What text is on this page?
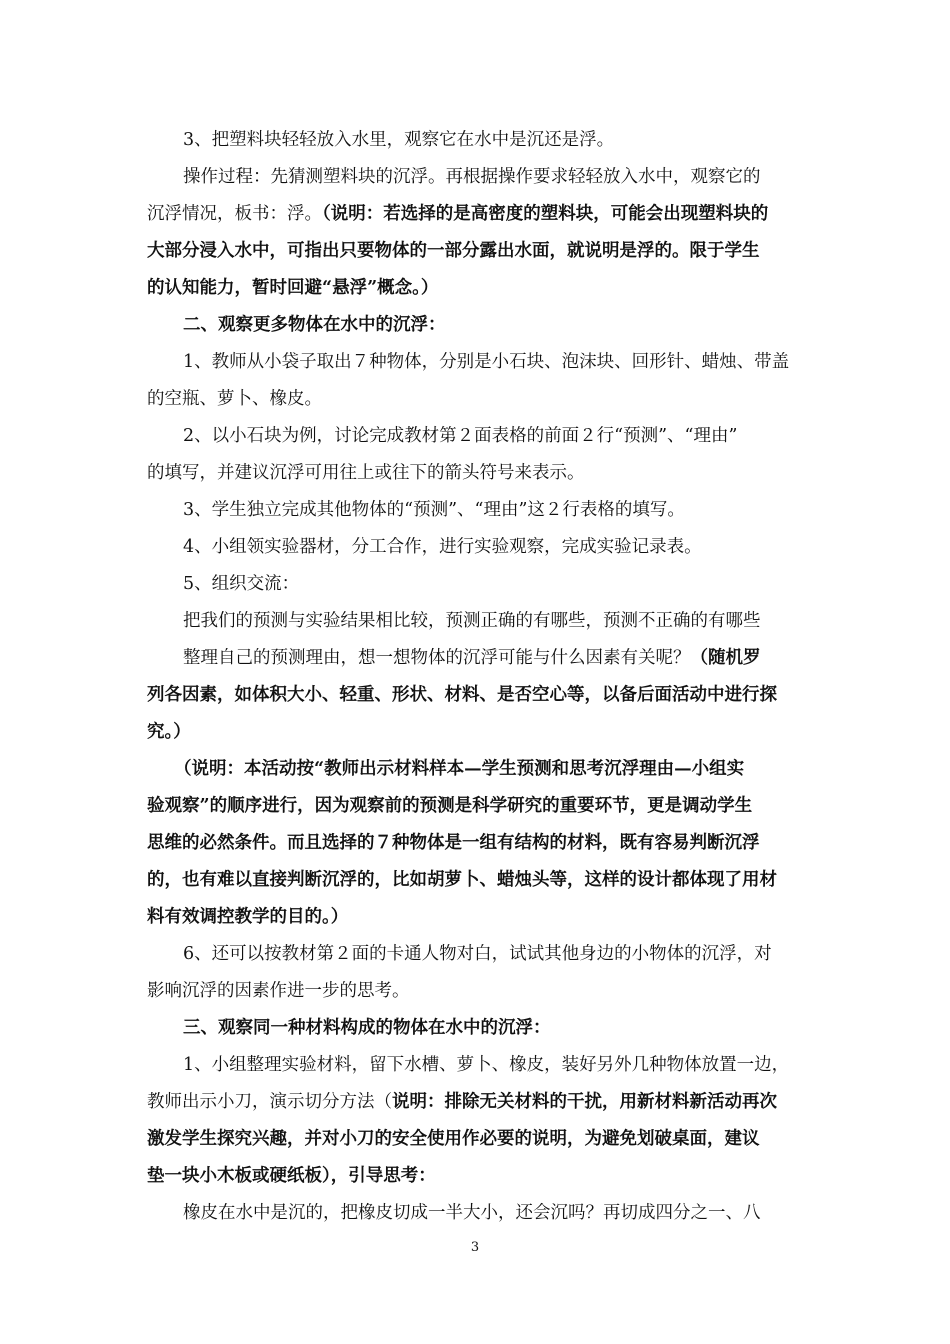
3、把塑料块轻轻放入水里，观察它在水中是沉还是浮。
操作过程：先猜测塑料块的沉浮。再根据操作要求轻轻放入水中，观察它的
沉浮情况，板书：浮。（说明：若选择的是高密度的塑料块，可能会出现塑料块的
大部分浸入水中，可指出只要物体的一部分露出水面，就说明是浮的。限于学生
的认知能力，暂时回避“悬浮”概念。）
二、观察更多物体在水中的沉浮：
1、教师从小袋子取出７种物体，分别是小石块、泡沫块、回形针、蜡烛、带盖
的空瓶、萝卜、橡皮。
2、以小石块为例，讨论完成教材第２面表格的前面２行“预测”、“理由”
的填写，并建议沉浮可用往上或往下的箭头符号来表示。
3、学生独立完成其他物体的“预测”、“理由”这２行表格的填写。
4、小组领实验器材，分工合作，进行实验观察，完成实验记录表。
5、组织交流：
把我们的预测与实验结果相比较，预测正确的有哪些，预测不正确的有哪些
整理自己的预测理由，想一想物体的沉浮可能与什么因素有关呢？（随机罗
列各因素，如体积大小、轻重、形状、材料、是否空心等，以备后面活动中进行探
究。）
（说明：本活动按“教师出示材料样本—学生预测和思考沉浮理由—小组实
验观察”的顺序进行，因为观察前的预测是科学研究的重要环节，更是调动学生
思维的必然条件。而且选择的７种物体是一组有结构的材料，既有容易判断沉浮
的，也有难以直接判断沉浮的，比如胡萝卜、蜡烛头等，这样的设计都体现了用材
料有效调控教学的目的。）
6、还可以按教材第２面的卡通人物对白，试试其他身边的小物体的沉浮，对
影响沉浮的因素作进一步的思考。
三、观察同一种材料构成的物体在水中的沉浮：
1、小组整理实验材料，留下水槽、萝卜、橡皮，装好另外几种物体放置一边，
教师出示小刀，演示切分方法（说明：排除无关材料的干扰，用新材料新活动再次
激发学生探究兴趣，并对小刀的安全使用作必要的说明，为避免划破桌面，建议
垫一块小木板或硬纸板），引导思考：
橡皮在水中是沉的，把橡皮切成一半大小，还会沉吗？再切成四分之一、八
3
